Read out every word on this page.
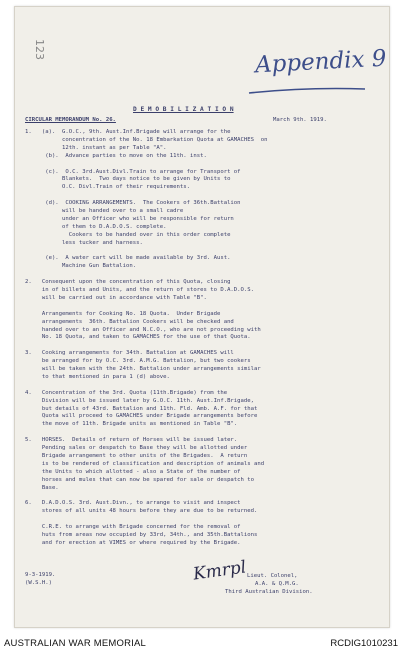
123	Appendix 9
D E M O B I L I Z A T I O N
March 9th. 1919.
CIRCULAR MEMORANDUM No. 26.
1.   (a).  G.O.C., 9th. Aust.Inf.Brigade will arrange for the
concentration of the No. 18 Embarkation Quota at GAMACHES  on
12th. instant as per Table "A".
(b).  Advance parties to move on the 11th. inst.
(c).  O.C. 3rd.Aust.Divl.Train to arrange for Transport of
Blankets.  Two days notice to be given by Units to
O.C. Divl.Train of their requirements.
(d).  COOKING ARRANGEMENTS.  The Cookers of 36th.Battalion
will be handed over to a small cadre
under an Officer who will be responsible for return
of them to D.A.D.O.S. complete.
Cookers to be handed over in this order complete
less tucker and harness.
(e).  A water cart will be made available by 3rd. Aust.
Machine Gun Battalion.
2.   Consequent upon the concentration of this Quota, closing
in of billets and Units, and the return of stores to D.A.D.O.S.
will be carried out in accordance with Table "B".
Arrangements for Cooking No. 18 Quota.  Under Brigade
arrangements  36th. Battalion Cookers will be checked and
handed over to an Officer and N.C.O., who are not proceeding with
No. 18 Quota, and taken to GAMACHES for the use of that Quota.
3.   Cooking arrangements for 34th. Battalion at GAMACHES will
be arranged for by O.C. 3rd. A.M.G. Battalion, but two cookers
will be taken with the 24th. Battalion under arrangements similar
to that mentioned in para 1 (d) above.
4.   Concentration of the 3rd. Quota (11th.Brigade) from the
Division will be issued later by G.O.C. 11th. Aust.Inf.Brigade,
but details of 43rd. Battalion and 11th. Fld. Amb. A.F. for that
Quota will proceed to GAMACHES under Brigade arrangements before
the move of 11th. Brigade units as mentioned in Table "B".
5.   HORSES.  Details of return of Horses will be issued later.
Pending sales or despatch to Base they will be allotted under
Brigade arrangement to other units of the Brigades.  A return
is to be rendered of classification and description of animals and
the Units to which allotted - also a State of the number of
horses and mules that can now be spared for sale or despatch to
Base.
6.   D.A.D.O.S. 3rd. Aust.Divn., to arrange to visit and inspect
stores of all units 48 hours before they are due to be returned.
C.R.E. to arrange with Brigade concerned for the removal of
huts from areas now occupied by 33rd, 34th., and 35th.Battalions
and for erection at VIMES or where required by the Brigade.
9-3-1919.
(W.S.H.)	Kmrpl Lieut. Colonel,
A.A. & Q.M.G.
Third Australian Division.
AUSTRALIAN WAR MEMORIAL	RCDIG1010231
